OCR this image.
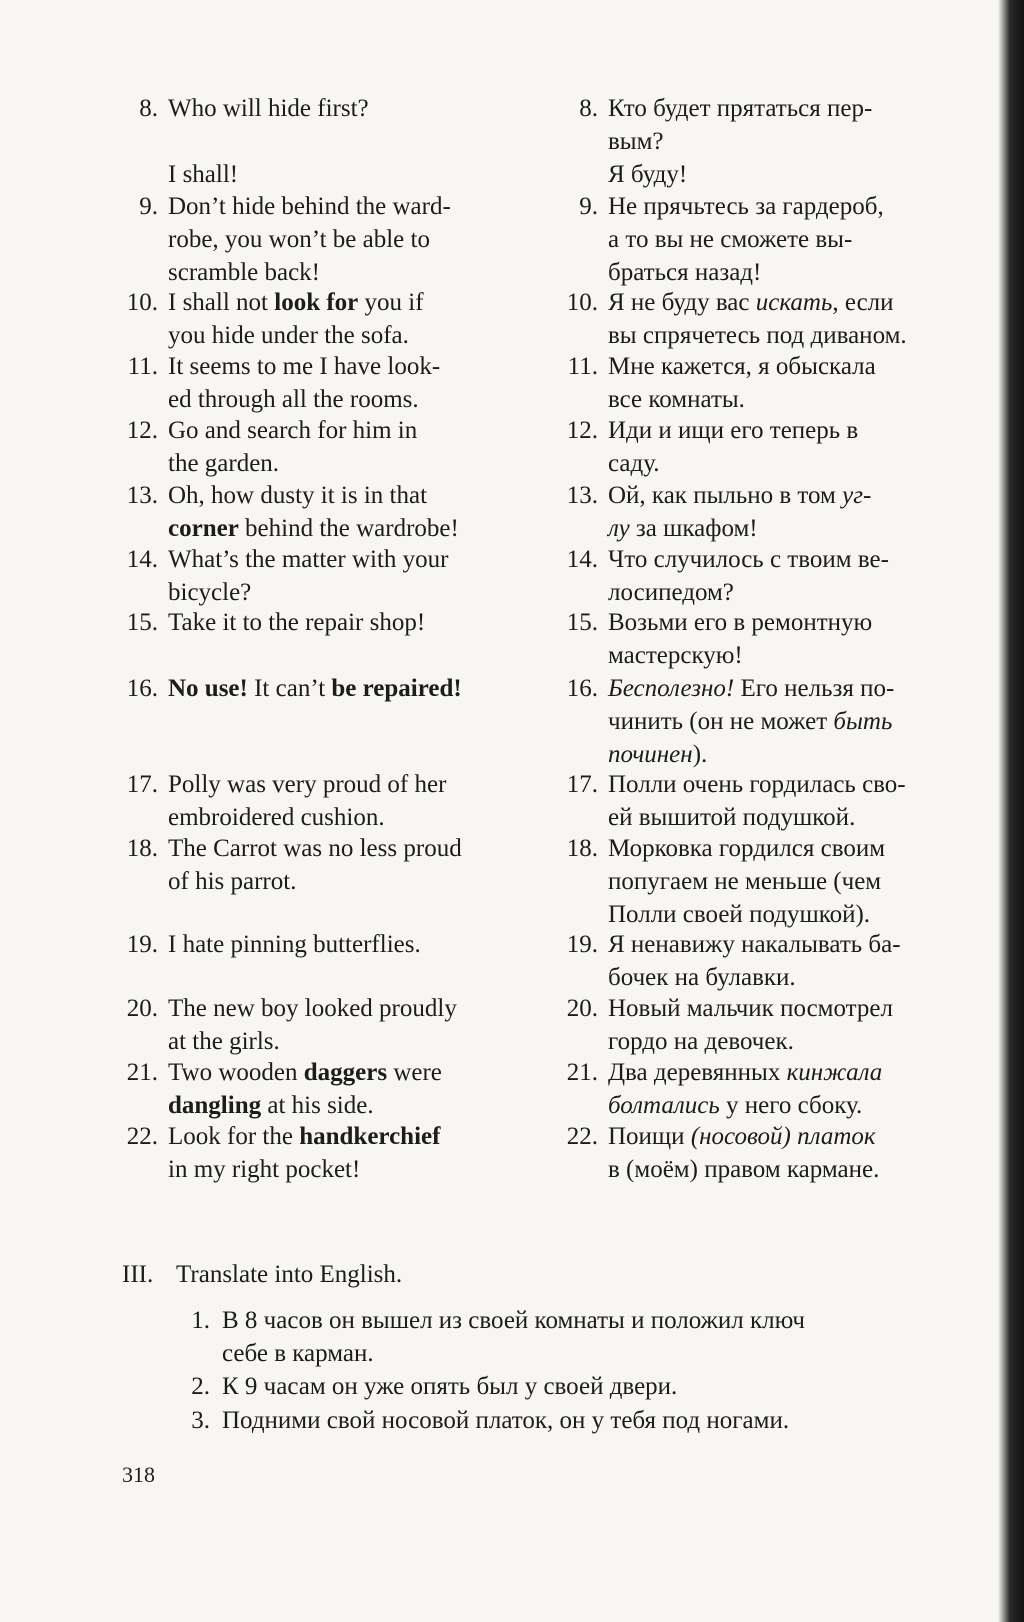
8. Who will hide first?

I shall!
9. Don’t hide behind the ward-
robe, you won’t be able to
scramble back!
10. I shall not look for you if
you hide under the sofa.
11. It seems to me I have look-
ed through all the rooms.
12. Go and search for him in
the garden.
13. Oh, how dusty it is in that
corner behind the wardrobe!
14. What’s the matter with your
bicycle?
15. Take it to the repair shop!
16. No use! It can’t be repaired!
17. Polly was very proud of her
embroidered cushion.
18. The Carrot was no less proud
of his parrot.
19. I hate pinning butterflies.
20. The new boy looked proudly
at the girls.
21. Two wooden daggers were
dangling at his side.
22. Look for the handkerchief
in my right pocket!
8. Кто будет прятаться пер-
вым?
Я буду!
9. Не прячьтесь за гардероб,
а то вы не сможете вы-
браться назад!
10. Я не буду вас искать, если
вы спрячетесь под диваном.
11. Мне кажется, я обыскала
все комнаты.
12. Иди и ищи его теперь в
саду.
13. Ой, как пыльно в том уг-
лу за шкафом!
14. Что случилось с твоим ве-
лосипедом?
15. Возьми его в ремонтную
мастерскую!
16. Бесполезно! Его нельзя по-
чинить (он не может быть
починен).
17. Полли очень гордилась сво-
ей вышитой подушкой.
18. Морковка гордился своим
попугаем не меньше (чем
Полли своей подушкой).
19. Я ненавижу накалывать ба-
бочек на булавки.
20. Новый мальчик посмотрел
гордо на девочек.
21. Два деревянных кинжала
болтались у него сбоку.
22. Поищи (носовой) платок
в (моём) правом кармане.
III. Translate into English.
1. В 8 часов он вышел из своей комнаты и положил ключ
себе в карман.
2. К 9 часам он уже опять был у своей двери.
3. Подними свой носовой платок, он у тебя под ногами.
318
